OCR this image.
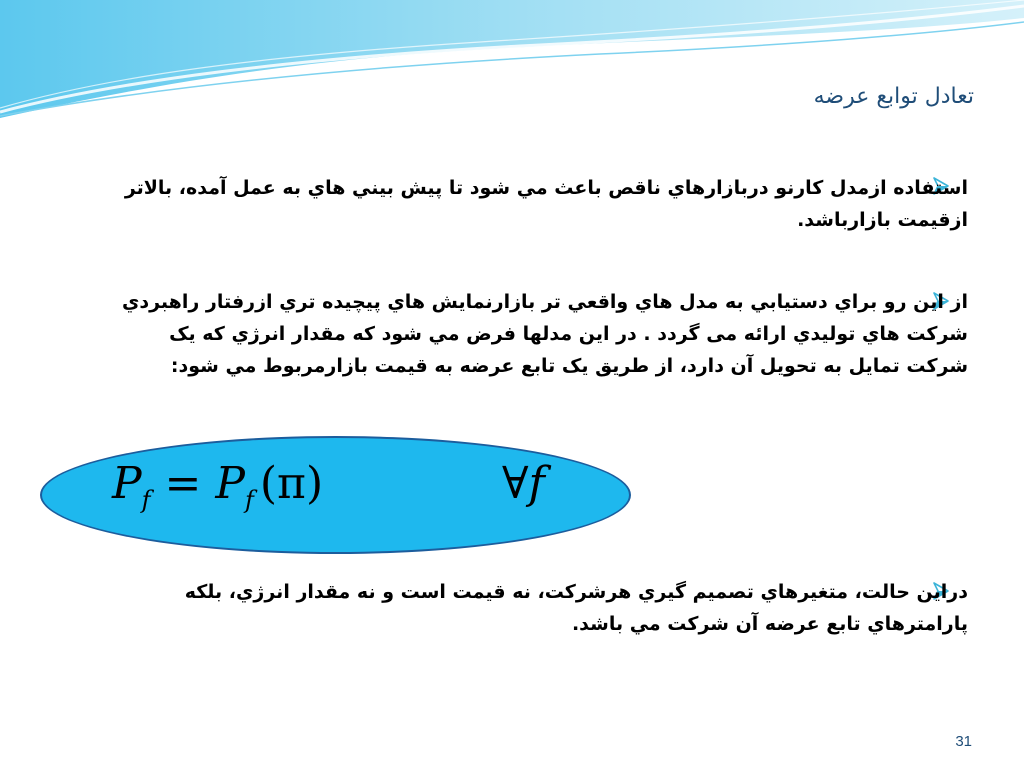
تعادل توابع عرضه
استفاده ازمدل كارنو دربازارهاي ناقص باعث مي شود تا پيش بيني هاي به عمل آمده، بالاتر ازقيمت بازارباشد.
از اين رو براي دستيابي به مدل هاي واقعي تر بازارنمايش هاي پيچيده تري ازرفتار راهبردي شركت هاي توليدي ارائه می گردد . در اين مدلها فرض مي شود كه مقدار انرژي كه یک شركت تمايل به تحويل آن دارد، از طريق یک تابع عرضه به قيمت بازارمربوط مي شود:
$P_f = P_f$ (π)	∀f
دراين حالت، متغيرهاي تصميم گيري هرشركت، نه قيمت است و نه مقدار انرژي، بلكه پارامترهاي تابع عرضه آن شركت مي باشد.
31
